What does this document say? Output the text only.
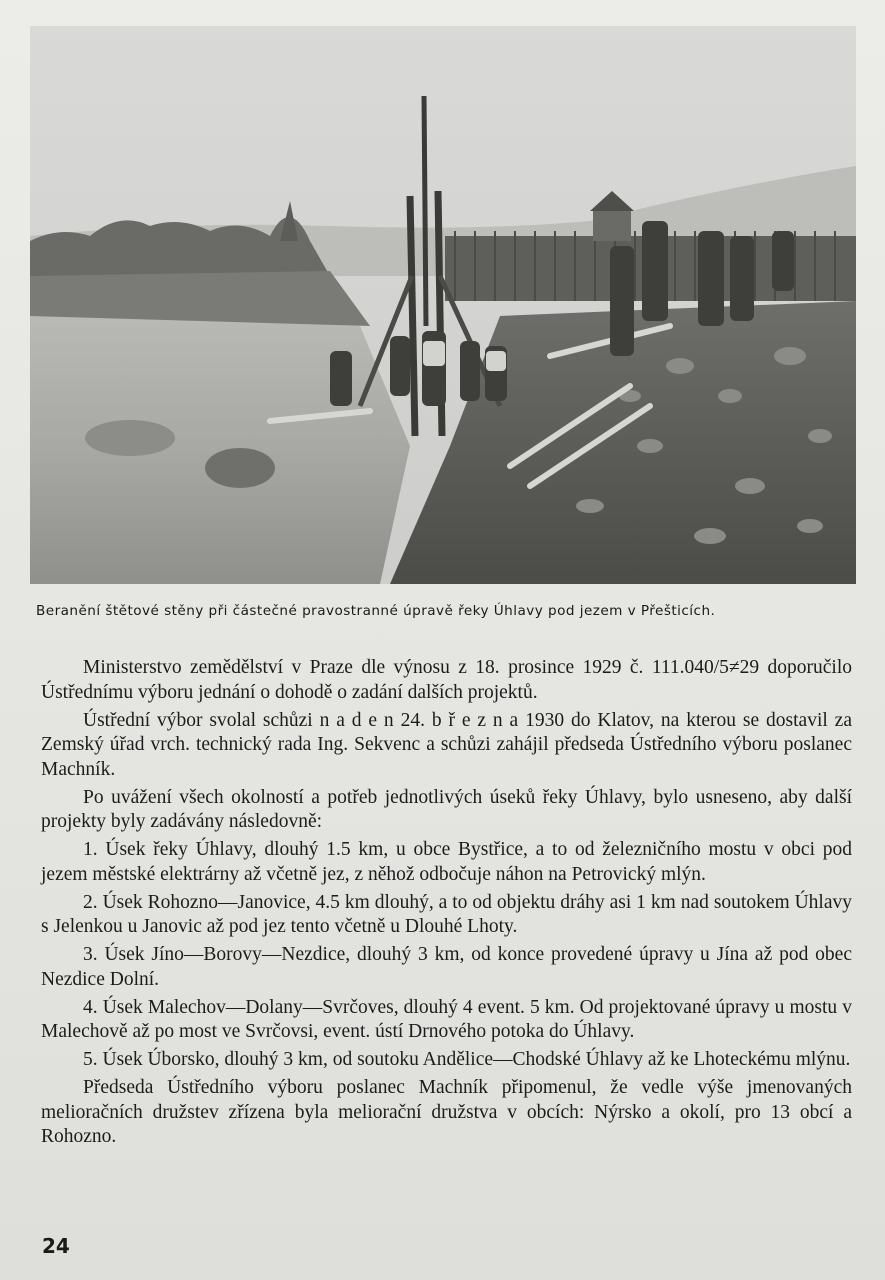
Beranění štětové stěny při částečné pravostranné úpravě řeky Úhlavy pod jezem v Přešticích.

Ministerstvo zemědělství v Praze dle výnosu z 18. prosince 1929 č. 111.040/5≠29 doporučilo Ústřednímu výboru jednání o dohodě o zadání dalších projektů.

Ústřední výbor svolal schůzi n a d e n 24. b ř e z n a 1930 do Klatov, na kterou se dostavil za Zemský úřad vrch. technický rada Ing. Sekvenc a schůzi zahájil předseda Ústředního výboru poslanec Machník.

Po uvážení všech okolností a potřeb jednotlivých úseků řeky Úhlavy, bylo usneseno, aby další projekty byly zadávány následovně:

1. Úsek řeky Úhlavy, dlouhý 1.5 km, u obce Bystřice, a to od železničního mostu v obci pod jezem městské elektrárny až včetně jez, z něhož odbočuje náhon na Petrovický mlýn.

2. Úsek Rohozno—Janovice, 4.5 km dlouhý, a to od objektu dráhy asi 1 km nad soutokem Úhlavy s Jelenkou u Janovic až pod jez tento včetně u Dlouhé Lhoty.

3. Úsek Jíno—Borovy—Nezdice, dlouhý 3 km, od konce provedené úpravy u Jína až pod obec Nezdice Dolní.

4. Úsek Malechov—Dolany—Svrčoves, dlouhý 4 event. 5 km. Od projektované úpravy u mostu v Malechově až po most ve Svrčovsi, event. ústí Drnového potoka do Úhlavy.

5. Úsek Úborsko, dlouhý 3 km, od soutoku Andělice—Chodské Úhlavy až ke Lhoteckému mlýnu.

Předseda Ústředního výboru poslanec Machník připomenul, že vedle výše jmenovaných melioračních družstev zřízena byla meliorační družstva v obcích: Nýrsko a okolí, pro 13 obcí a Rohozno.

24
